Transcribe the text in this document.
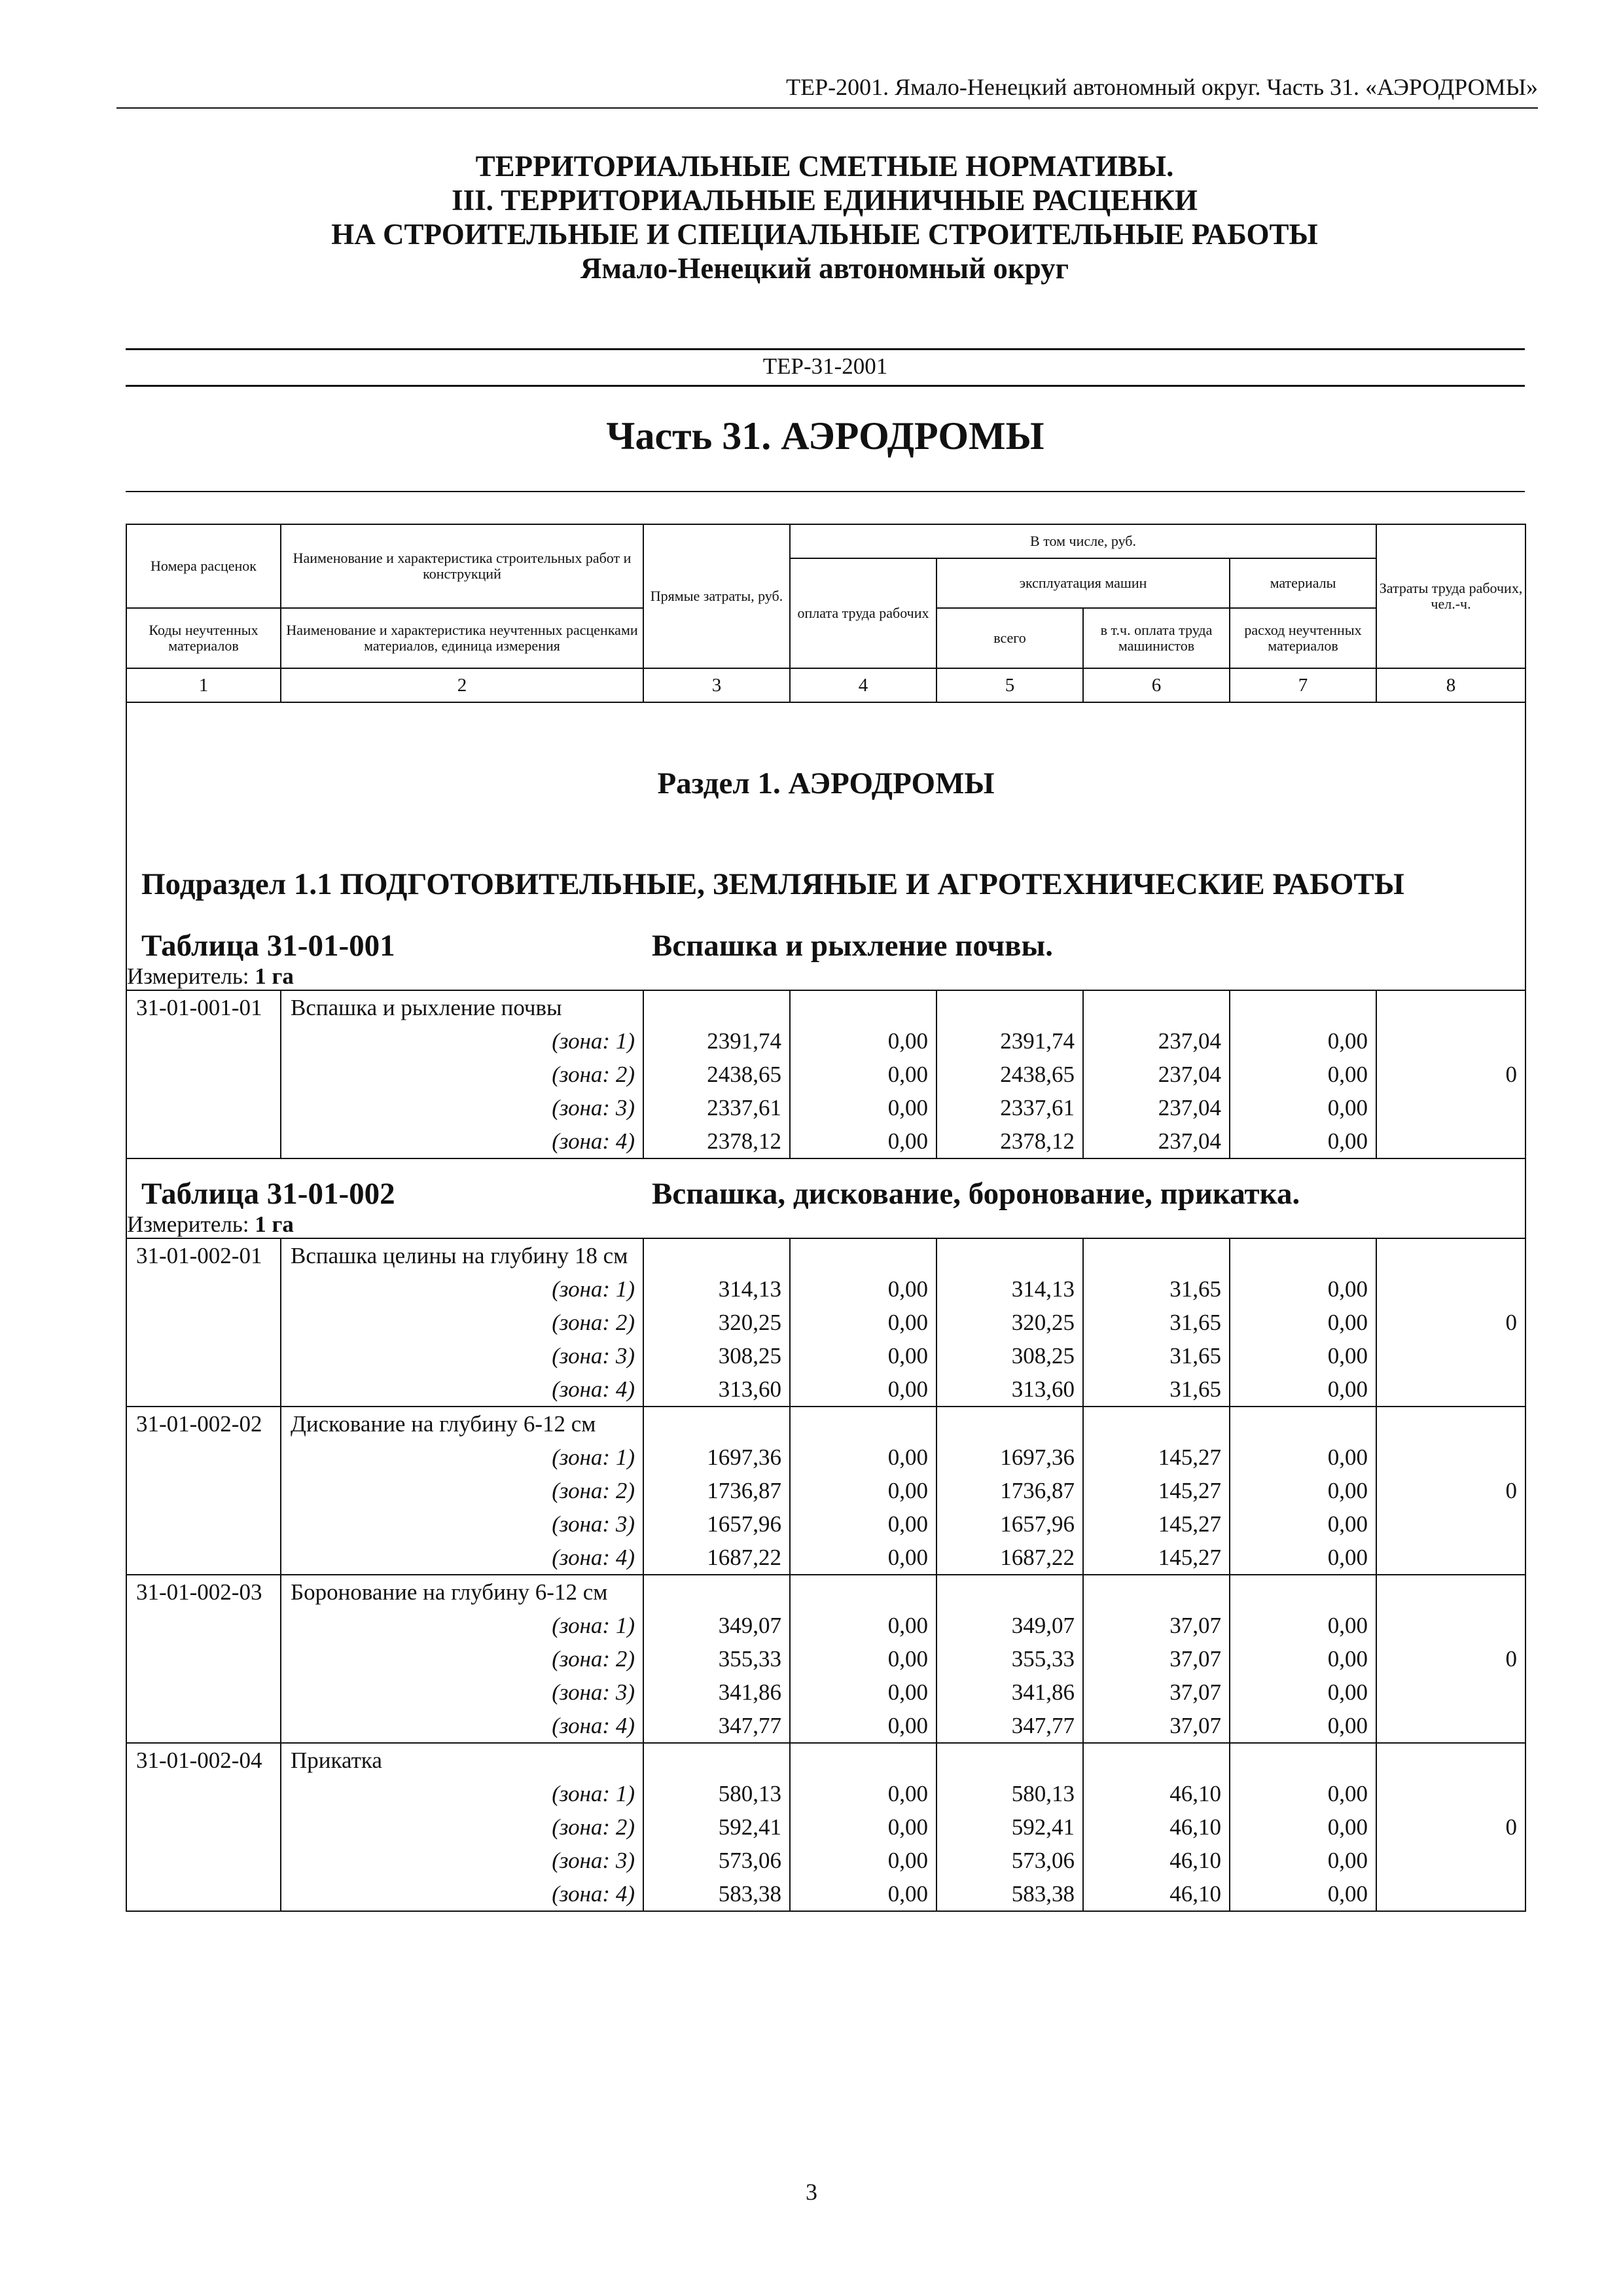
ТЕР-2001. Ямало-Ненецкий автономный округ. Часть 31. «АЭРОДРОМЫ»
ТЕРРИТОРИАЛЬНЫЕ СМЕТНЫЕ НОРМАТИВЫ.
III. ТЕРРИТОРИАЛЬНЫЕ ЕДИНИЧНЫЕ РАСЦЕНКИ
НА СТРОИТЕЛЬНЫЕ И СПЕЦИАЛЬНЫЕ СТРОИТЕЛЬНЫЕ РАБОТЫ
Ямало-Ненецкий автономный округ
ТЕР-31-2001
Часть 31. АЭРОДРОМЫ
Номера расценок	Наименование и характеристика строительных работ и конструкций	Прямые затраты, руб.	В том числе, руб.				Затраты труда рабочих, чел.-ч.
			оплата труда рабочих	эксплуатация машин		материалы	
Коды неучтенных материалов	Наименование и характеристика неучтенных расценками материалов, единица измерения			всего	в т.ч. оплата труда машинистов	расход неучтенных материалов	
1	2	3	4	5	6	7	8
Раздел 1. АЭРОДРОМЫ							
Подраздел 1.1 ПОДГОТОВИТЕЛЬНЫЕ, ЗЕМЛЯНЫЕ И АГРОТЕХНИЧЕСКИЕ РАБОТЫ							

Таблица 31-01-001 Вспашка и рыхление почвы.							

Измеритель: 1 га							
31-01-001-01	Вспашка и рыхление почвы						0
	(зона: 1)	2391,74	0,00	2391,74	237,04	0,00	
	(зона: 2)	2438,65	0,00	2438,65	237,04	0,00	
	(зона: 3)	2337,61	0,00	2337,61	237,04	0,00	
	(зона: 4)	2378,12	0,00	2378,12	237,04	0,00	

Таблица 31-01-002 Вспашка, дискование, боронование, прикатка.							

Измеритель: 1 га							
31-01-002-01	Вспашка целины на глубину 18 см						0
	(зона: 1)	314,13	0,00	314,13	31,65	0,00	
	(зона: 2)	320,25	0,00	320,25	31,65	0,00	
	(зона: 3)	308,25	0,00	308,25	31,65	0,00	
	(зона: 4)	313,60	0,00	313,60	31,65	0,00	
31-01-002-02	Дискование на глубину 6-12 см						0
	(зона: 1)	1697,36	0,00	1697,36	145,27	0,00	
	(зона: 2)	1736,87	0,00	1736,87	145,27	0,00	
	(зона: 3)	1657,96	0,00	1657,96	145,27	0,00	
	(зона: 4)	1687,22	0,00	1687,22	145,27	0,00	
31-01-002-03	Боронование на глубину 6-12 см						0
	(зона: 1)	349,07	0,00	349,07	37,07	0,00	
	(зона: 2)	355,33	0,00	355,33	37,07	0,00	
	(зона: 3)	341,86	0,00	341,86	37,07	0,00	
	(зона: 4)	347,77	0,00	347,77	37,07	0,00	
31-01-002-04	Прикатка						0
	(зона: 1)	580,13	0,00	580,13	46,10	0,00	
	(зона: 2)	592,41	0,00	592,41	46,10	0,00	
	(зона: 3)	573,06	0,00	573,06	46,10	0,00	
	(зона: 4)	583,38	0,00	583,38	46,10	0,00	
3
